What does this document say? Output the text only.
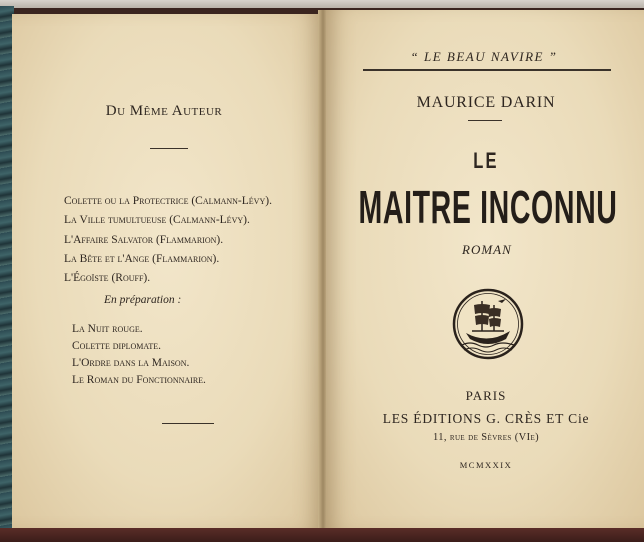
Du Même Auteur
Colette ou la Protectrice (Calmann-Lévy).
La Ville tumultueuse (Calmann-Lévy).
L'Affaire Salvator (Flammarion).
La Bête et l'Ange (Flammarion).
L'Égoïste (Rouff).
En préparation :
La Nuit rouge.
Colette diplomate.
L'Ordre dans la Maison.
Le Roman du Fonctionnaire.
“ LE BEAU NAVIRE ”
MAURICE DARIN
LE
MAITRE INCONNU
ROMAN
PARIS
LES ÉDITIONS G. CRÈS ET Cie
11, rue de Sèvres (VIe)
MCMXXIX
